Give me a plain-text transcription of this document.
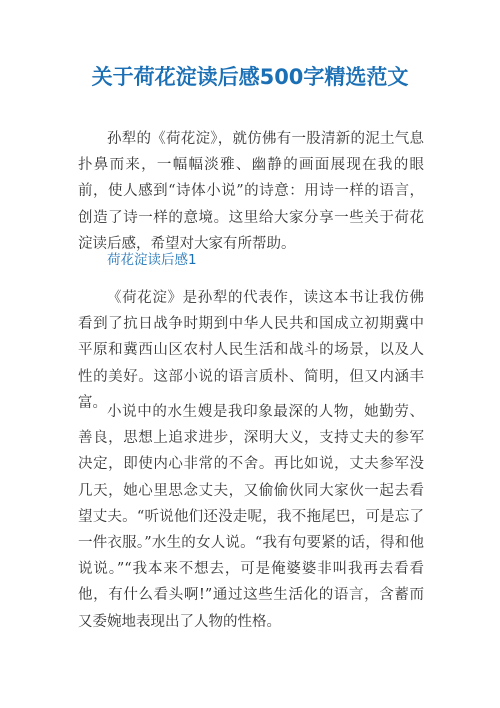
关于荷花淀读后感500字精选范文

孙犁的《荷花淀》，就仿佛有一股清新的泥土气息扑鼻而来，一幅幅淡雅、幽静的画面展现在我的眼前，使人感到“诗体小说”的诗意：用诗一样的语言，创造了诗一样的意境。这里给大家分享一些关于荷花淀读后感，希望对大家有所帮助。

荷花淀读后感1

《荷花淀》是孙犁的代表作，读这本书让我仿佛看到了抗日战争时期到中华人民共和国成立初期冀中平原和冀西山区农村人民生活和战斗的场景，以及人性的美好。这部小说的语言质朴、简明，但又内涵丰富。

小说中的水生嫂是我印象最深的人物，她勤劳、善良，思想上追求进步，深明大义，支持丈夫的参军决定，即使内心非常的不舍。再比如说，丈夫参军没几天，她心里思念丈夫，又偷偷伙同大家伙一起去看望丈夫。“听说他们还没走呢，我不拖尾巴，可是忘了一件衣服。”水生的女人说。“我有句要紧的话，得和他说说。”“我本来不想去，可是俺婆婆非叫我再去看看他，有什么看头啊!”通过这些生活化的语言，含蓄而又委婉地表现出了人物的性格。
